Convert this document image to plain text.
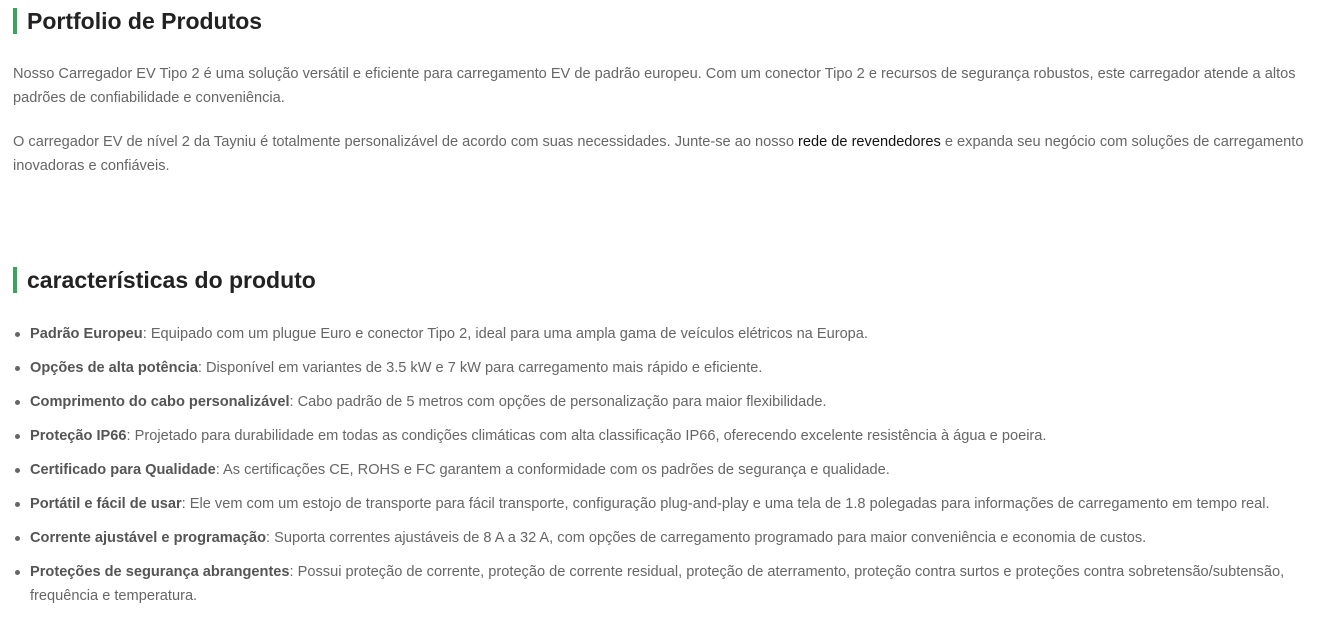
Portfolio de Produtos

Nosso Carregador EV Tipo 2 é uma solução versátil e eficiente para carregamento EV de padrão europeu. Com um conector Tipo 2 e recursos de segurança robustos, este carregador atende a altos padrões de confiabilidade e conveniência.

O carregador EV de nível 2 da Tayniu é totalmente personalizável de acordo com suas necessidades. Junte-se ao nosso rede de revendedores e expanda seu negócio com soluções de carregamento inovadoras e confiáveis.

características do produto
Padrão Europeu: Equipado com um plugue Euro e conector Tipo 2, ideal para uma ampla gama de veículos elétricos na Europa.
Opções de alta potência: Disponível em variantes de 3.5 kW e 7 kW para carregamento mais rápido e eficiente.
Comprimento do cabo personalizável: Cabo padrão de 5 metros com opções de personalização para maior flexibilidade.
Proteção IP66: Projetado para durabilidade em todas as condições climáticas com alta classificação IP66, oferecendo excelente resistência à água e poeira.
Certificado para Qualidade: As certificações CE, ROHS e FC garantem a conformidade com os padrões de segurança e qualidade.
Portátil e fácil de usar: Ele vem com um estojo de transporte para fácil transporte, configuração plug-and-play e uma tela de 1.8 polegadas para informações de carregamento em tempo real.
Corrente ajustável e programação: Suporta correntes ajustáveis de 8 A a 32 A, com opções de carregamento programado para maior conveniência e economia de custos.
Proteções de segurança abrangentes: Possui proteção de corrente, proteção de corrente residual, proteção de aterramento, proteção contra surtos e proteções contra sobretensão/subtensão, frequência e temperatura.
